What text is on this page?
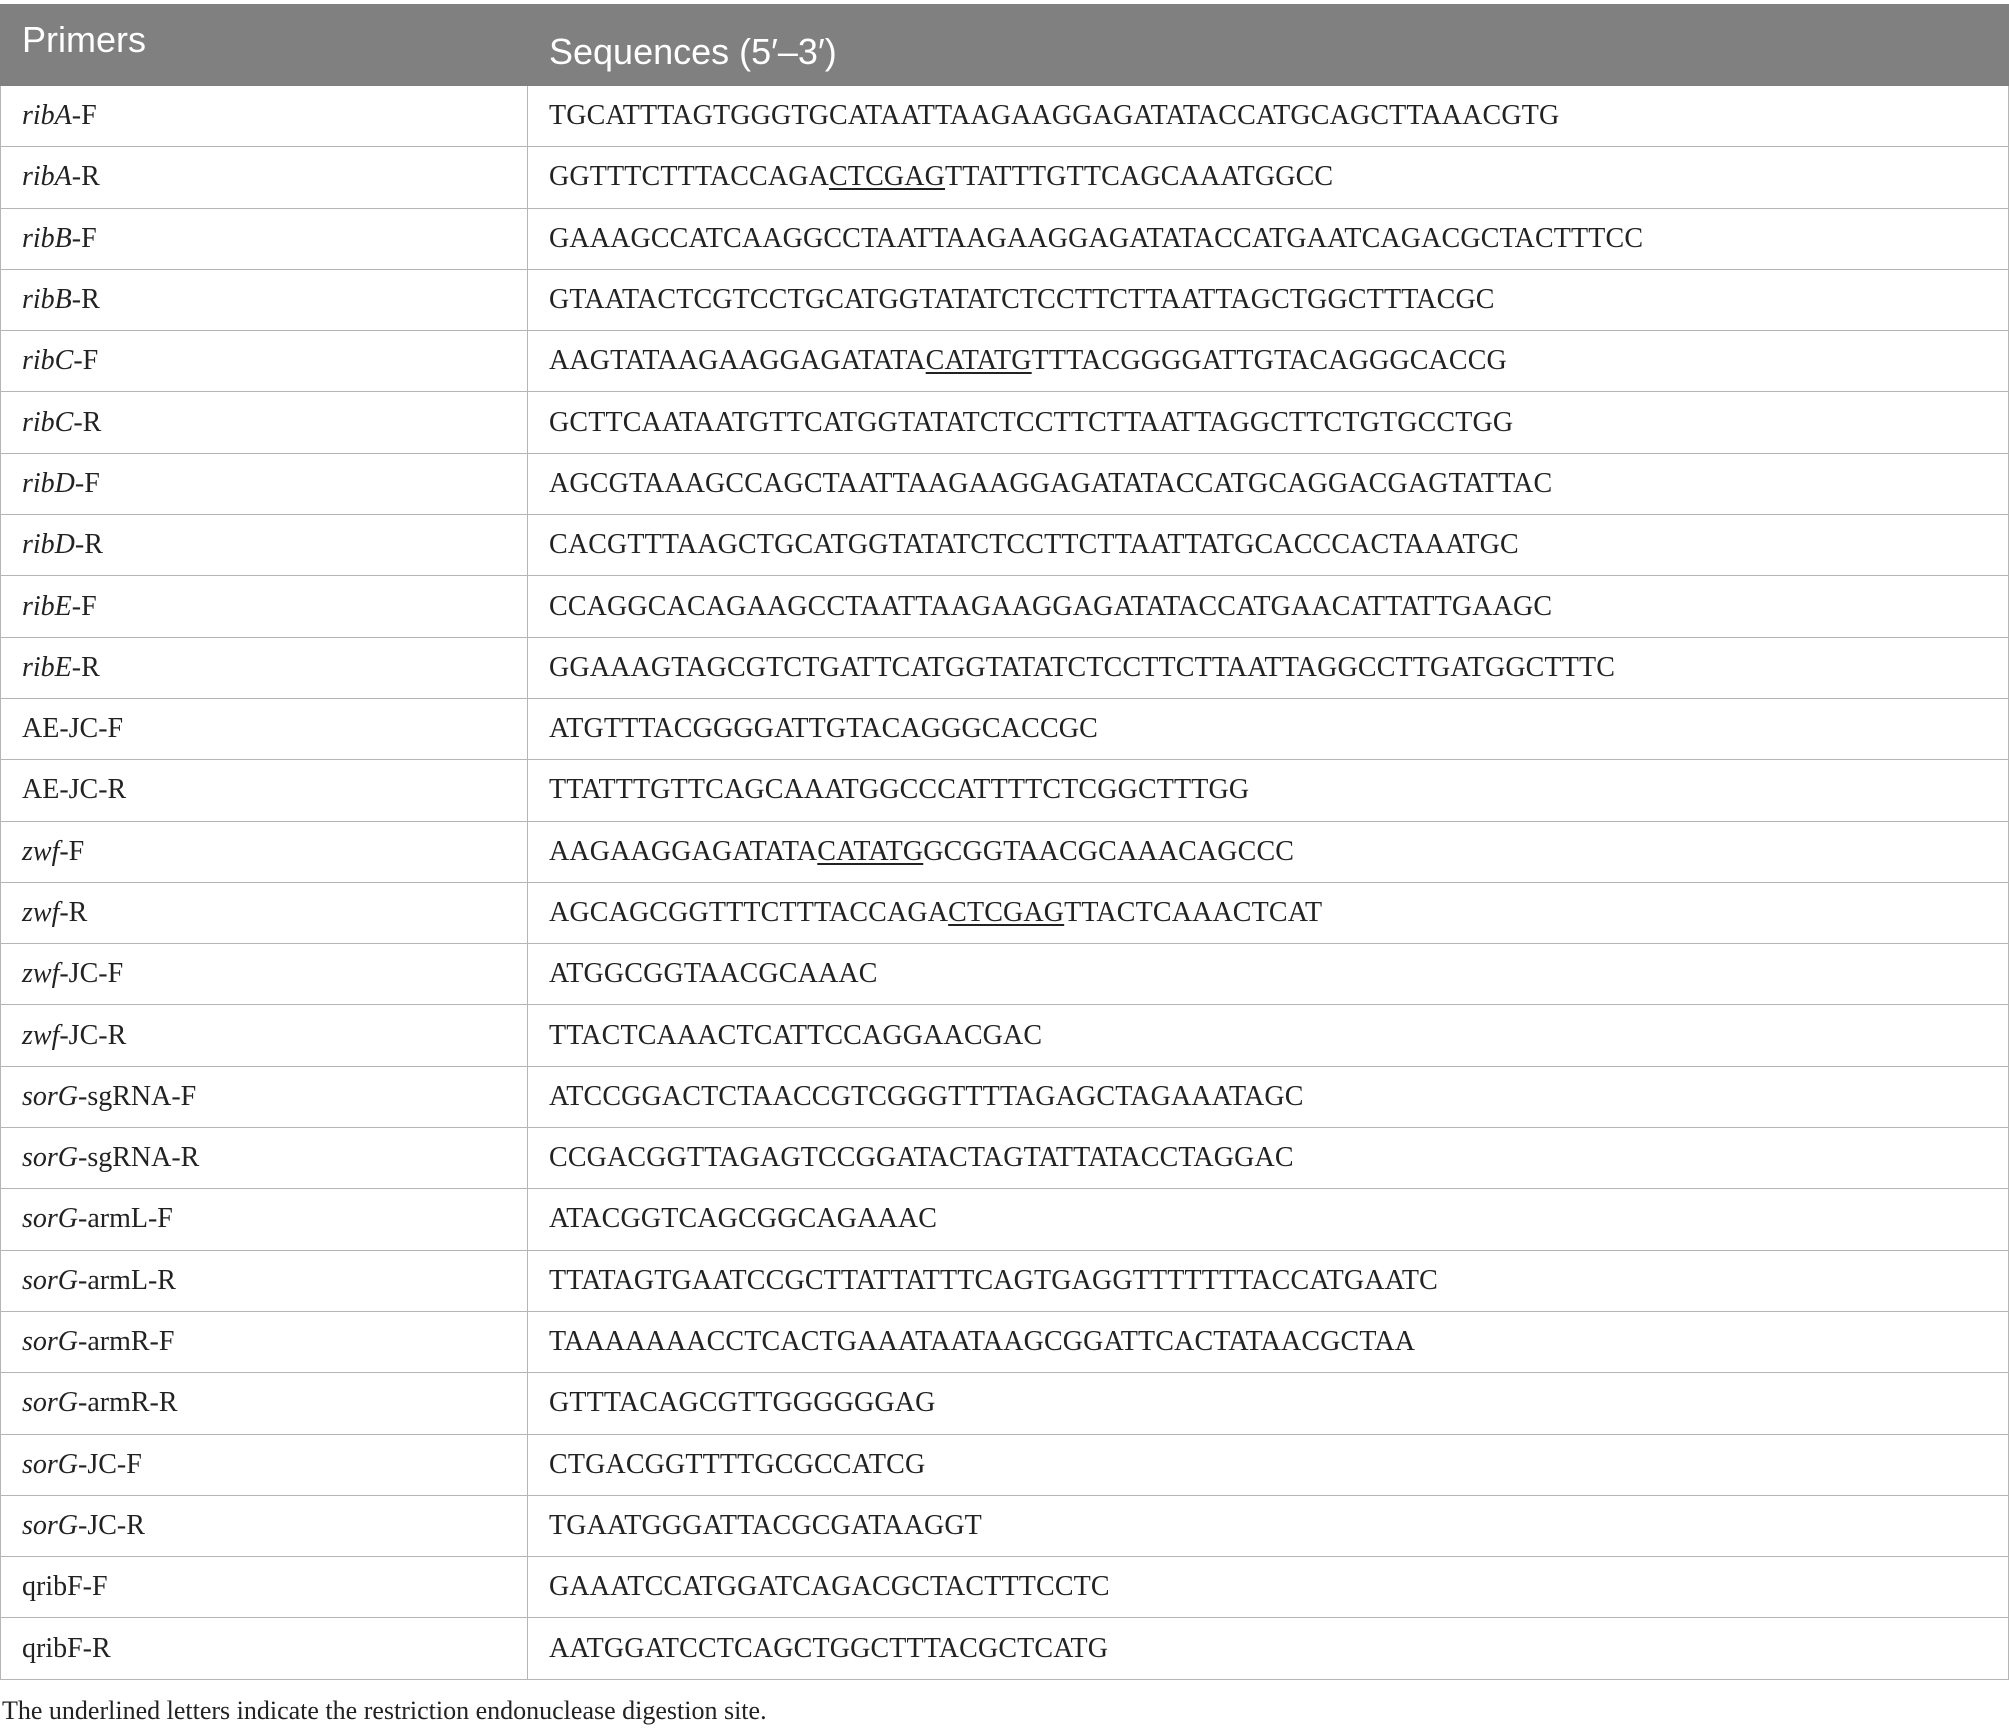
Primers	Sequences (5′–3′)
ribA-F	TGCATTTAGTGGGTGCATAATTAAGAAGGAGATATACCATGCAGCTTAAACGTG
ribA-R	GGTTTCTTTACCAGACTCGAGTTATTTGTTCAGCAAATGGCC
ribB-F	GAAAGCCATCAAGGCCTAATTAAGAAGGAGATATACCATGAATCAGACGCTACTTTCC
ribB-R	GTAATACTCGTCCTGCATGGTATATCTCCTTCTTAATTAGCTGGCTTTACGC
ribC-F	AAGTATAAGAAGGAGATATACATATGTTTACGGGGATTGTACAGGGCACCG
ribC-R	GCTTCAATAATGTTCATGGTATATCTCCTTCTTAATTAGGCTTCTGTGCCTGG
ribD-F	AGCGTAAAGCCAGCTAATTAAGAAGGAGATATACCATGCAGGACGAGTATTAC
ribD-R	CACGTTTAAGCTGCATGGTATATCTCCTTCTTAATTATGCACCCACTAAATGC
ribE-F	CCAGGCACAGAAGCCTAATTAAGAAGGAGATATACCATGAACATTATTGAAGC
ribE-R	GGAAAGTAGCGTCTGATTCATGGTATATCTCCTTCTTAATTAGGCCTTGATGGCTTTC
AE-JC-F	ATGTTTACGGGGATTGTACAGGGCACCGC
AE-JC-R	TTATTTGTTCAGCAAATGGCCCATTTTCTCGGCTTTGG
zwf-F	AAGAAGGAGATATACATATGGCGGTAACGCAAACAGCCC
zwf-R	AGCAGCGGTTTCTTTACCAGACTCGAGTTACTCAAACTCAT
zwf-JC-F	ATGGCGGTAACGCAAAC
zwf-JC-R	TTACTCAAACTCATTCCAGGAACGAC
sorG-sgRNA-F	ATCCGGACTCTAACCGTCGGGTTTTAGAGCTAGAAATAGC
sorG-sgRNA-R	CCGACGGTTAGAGTCCGGATACTAGTATTATACCTAGGAC
sorG-armL-F	ATACGGTCAGCGGCAGAAAC
sorG-armL-R	TTATAGTGAATCCGCTTATTATTTCAGTGAGGTTTTTTTACCATGAATC
sorG-armR-F	TAAAAAAACCTCACTGAAATAATAAGCGGATTCACTATAACGCTAA
sorG-armR-R	GTTTACAGCGTTGGGGGGAG
sorG-JC-F	CTGACGGTTTTGCGCCATCG
sorG-JC-R	TGAATGGGATTACGCGATAAGGT
qribF-F	GAAATCCATGGATCAGACGCTACTTTCCTC
qribF-R	AATGGATCCTCAGCTGGCTTTACGCTCATG
The underlined letters indicate the restriction endonuclease digestion site.
